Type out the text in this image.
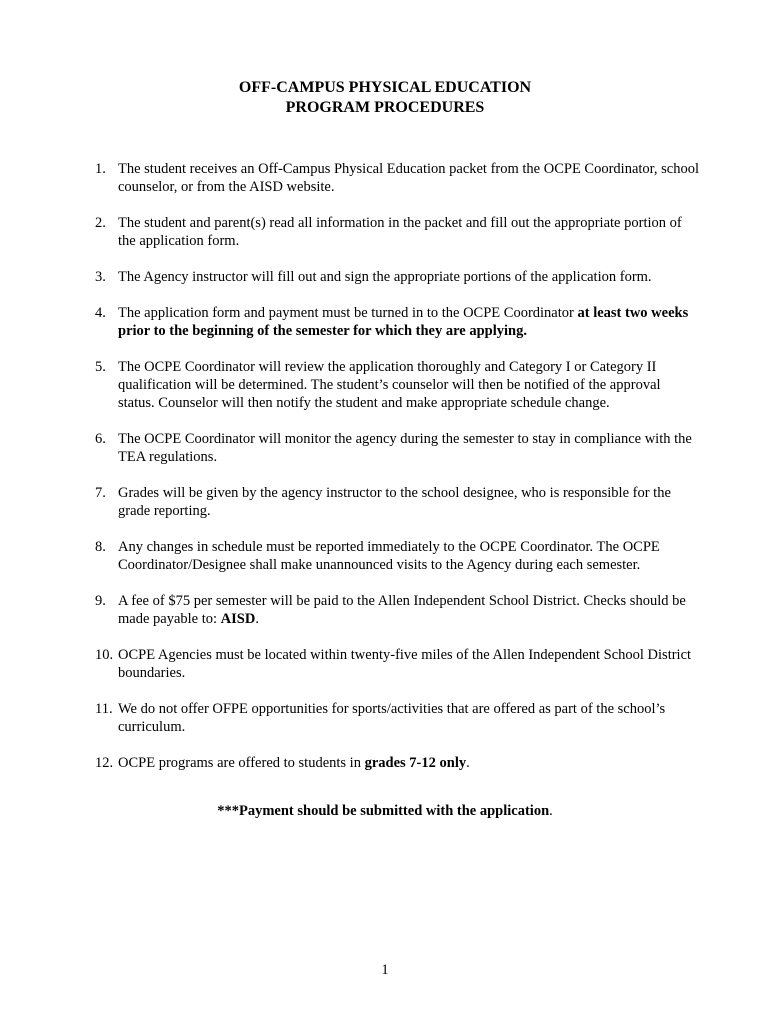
OFF-CAMPUS PHYSICAL EDUCATION
PROGRAM PROCEDURES
1. The student receives an Off-Campus Physical Education packet from the OCPE Coordinator, school counselor, or from the AISD website.
2. The student and parent(s) read all information in the packet and fill out the appropriate portion of the application form.
3. The Agency instructor will fill out and sign the appropriate portions of the application form.
4. The application form and payment must be turned in to the OCPE Coordinator at least two weeks prior to the beginning of the semester for which they are applying.
5. The OCPE Coordinator will review the application thoroughly and Category I or Category II qualification will be determined. The student’s counselor will then be notified of the approval status. Counselor will then notify the student and make appropriate schedule change.
6. The OCPE Coordinator will monitor the agency during the semester to stay in compliance with the TEA regulations.
7. Grades will be given by the agency instructor to the school designee, who is responsible for the grade reporting.
8. Any changes in schedule must be reported immediately to the OCPE Coordinator. The OCPE Coordinator/Designee shall make unannounced visits to the Agency during each semester.
9. A fee of $75 per semester will be paid to the Allen Independent School District. Checks should be made payable to: AISD.
10. OCPE Agencies must be located within twenty-five miles of the Allen Independent School District boundaries.
11. We do not offer OFPE opportunities for sports/activities that are offered as part of the school’s curriculum.
12. OCPE programs are offered to students in grades 7-12 only.
***Payment should be submitted with the application.
1
